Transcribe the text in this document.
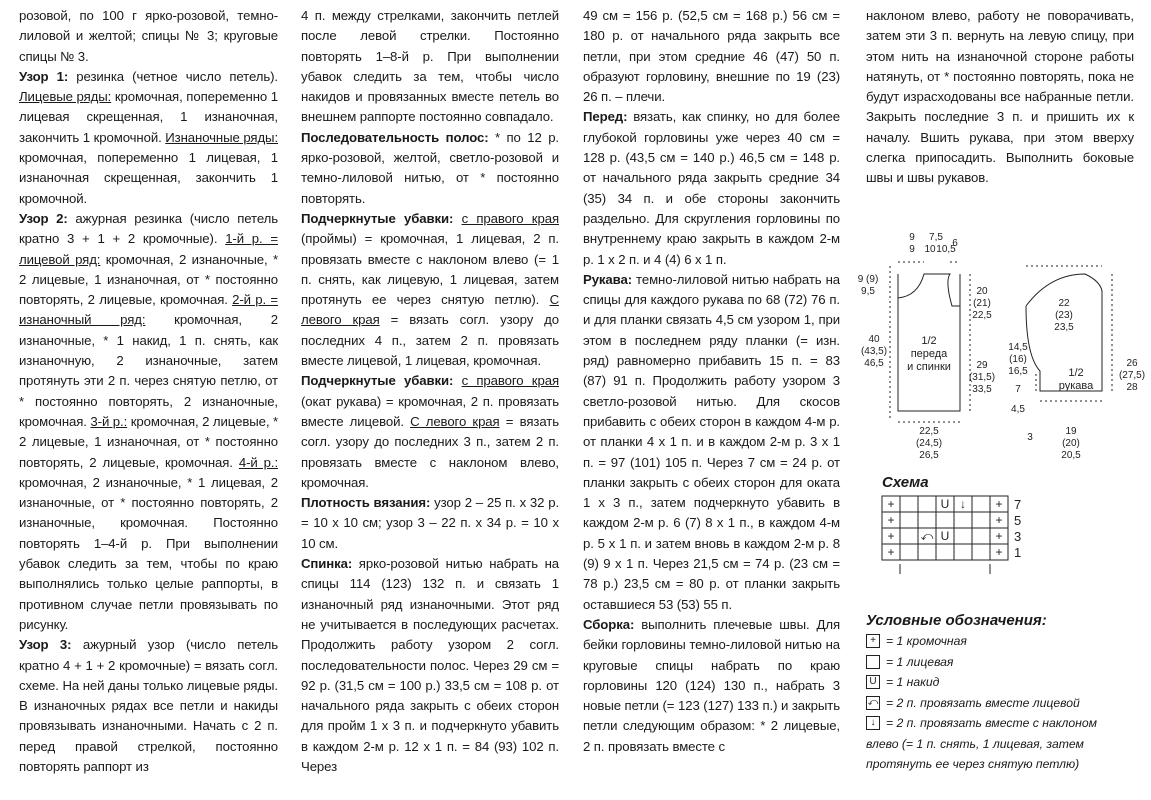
розовой, по 100 г ярко-розовой, темно-лиловой и желтой; спицы № 3; круговые спицы № 3.

Узор 1: резинка (четное число петель). Лицевые ряды: кромочная, попеременно 1 лицевая скрещенная, 1 изнаночная, закончить 1 кромочной. Изнаночные ряды: кромочная, попеременно 1 лицевая, 1 изнаночная скрещенная, закончить 1 кромочной.

Узор 2: ажурная резинка (число петель кратно 3 + 1 + 2 кромочные). 1-й р. = лицевой ряд: кромочная, 2 изнаночные, * 2 лицевые, 1 изнаночная, от * постоянно повторять, 2 лицевые, кромочная. 2-й р. = изнаночный ряд: кромочная, 2 изнаночные, * 1 накид, 1 п. снять, как изнаночную, 2 изнаночные, затем протянуть эти 2 п. через снятую петлю, от * постоянно повторять, 2 изнаночные, кромочная. 3-й р.: кромочная, 2 лицевые, * 2 лицевые, 1 изнаночная, от * постоянно повторять, 2 лицевые, кромочная. 4-й р.: кромочная, 2 изнаночные, * 1 лицевая, 2 изнаночные, от * постоянно повторять, 2 изнаночные, кромочная. Постоянно повторять 1–4-й р. При выполнении убавок следить за тем, чтобы по краю выполнялись только целые раппорты, в противном случае петли провязывать по рисунку.

Узор 3: ажурный узор (число петель кратно 4 + 1 + 2 кромочные) = вязать согл. схеме. На ней даны только лицевые ряды. В изнаночных рядах все петли и накиды провязывать изнаночными. Начать с 2 п. перед правой стрелкой, постоянно повторять раппорт из

4 п. между стрелками, закончить петлей после левой стрелки. Постоянно повторять 1–8-й р. При выполнении убавок следить за тем, чтобы число накидов и провязанных вместе петель во внешнем раппорте постоянно совпадало.

Последовательность полос: * по 12 р. ярко-розовой, желтой, светло-розовой и темно-лиловой нитью, от * постоянно повторять.

Подчеркнутые убавки: с правого края (проймы) = кромочная, 1 лицевая, 2 п. провязать вместе с наклоном влево (= 1 п. снять, как лицевую, 1 лицевая, затем протянуть ее через снятую петлю). С левого края = вязать согл. узору до последних 4 п., затем 2 п. провязать вместе лицевой, 1 лицевая, кромочная.

Подчеркнутые убавки: с правого края (окат рукава) = кромочная, 2 п. провязать вместе лицевой. С левого края = вязать согл. узору до последних 3 п., затем 2 п. провязать вместе с наклоном влево, кромочная.

Плотность вязания: узор 2 – 25 п. х 32 р. = 10 х 10 см; узор 3 – 22 п. х 34 р. = 10 х 10 см.

Спинка: ярко-розовой нитью набрать на спицы 114 (123) 132 п. и связать 1 изнаночный ряд изнаночными. Этот ряд не учитывается в последующих расчетах. Продолжить работу узором 2 согл. последовательности полос. Через 29 см = 92 р. (31,5 см = 100 р.) 33,5 см = 108 р. от начального ряда закрыть с обеих сторон для пройм 1 х 3 п. и подчеркнуто убавить в каждом 2-м р. 12 х 1 п. = 84 (93) 102 п. Через

49 см = 156 р. (52,5 см = 168 р.) 56 см = 180 р. от начального ряда закрыть все петли, при этом средние 46 (47) 50 п. образуют горловину, внешние по 19 (23) 26 п. – плечи.

Перед: вязать, как спинку, но для более глубокой горловины уже через 40 см = 128 р. (43,5 см = 140 р.) 46,5 см = 148 р. от начального ряда закрыть средние 34 (35) 34 п. и обе стороны закончить раздельно. Для скругления горловины по внутреннему краю закрыть в каждом 2-м р. 1 х 2 п. и 4 (4) 6 х 1 п.

Рукава: темно-лиловой нитью набрать на спицы для каждого рукава по 68 (72) 76 п. и для планки связать 4,5 см узором 1, при этом в последнем ряду планки (= изн. ряд) равномерно прибавить 15 п. = 83 (87) 91 п. Продолжить работу узором 3 светло-розовой нитью. Для скосов прибавить с обеих сторон в каждом 4-м р. от планки 4 х 1 п. и в каждом 2-м р. 3 х 1 п. = 97 (101) 105 п. Через 7 см = 24 р. от планки закрыть с обеих сторон для оката 1 х 3 п., затем подчеркнуто убавить в каждом 2-м р. 6 (7) 8 х 1 п., в каждом 4-м р. 5 х 1 п. и затем вновь в каждом 2-м р. 8 (9) 9 х 1 п. Через 21,5 см = 74 р. (23 см = 78 р.) 23,5 см = 80 р. от планки закрыть оставшиеся 53 (53) 55 п.

Сборка: выполнить плечевые швы. Для бейки горловины темно-лиловой нитью на круговые спицы набрать по краю горловины 120 (124) 130 п., набрать 3 новые петли (= 123 (127) 133 п.) и закрыть петли следующим образом: * 2 лицевые, 2 п. провязать вместе с

наклоном влево, работу не поворачивать, затем эти 3 п. вернуть на левую спицу, при этом нить на изнаночной стороне работы натянуть, от * постоянно повторять, пока не будут израсходованы все набранные петли. Закрыть последние 3 п. и пришить их к началу. Вшить рукава, при этом вверху слегка припосадить. Выполнить боковые швы и швы рукавов.

9
9
7,5
10 10,5
6
9 (9)
9,5	20
(21)
22,5
40
(43,5)
46,5
1/2
переда
и спинки	29
(31,5)
33,5
22,5
(24,5)
26,5
22
(23)
23,5
14,5
(16)
16,5
7
4,5
26
(27,5)
28
1/2
рукава
3
19
(20)
20,5
Схема
+	+
+	+
+	+
+	+
U ↓
⤺ U
7
5
3
1
Условные обозначения:
+ = 1 кромочная
= 1 лицевая
U = 1 накид
⤺ = 2 п. провязать вместе лицевой
↓ = 2 п. провязать вместе с наклоном
влево (= 1 п. снять, 1 лицевая, затем
протянуть ее через снятую петлю)
